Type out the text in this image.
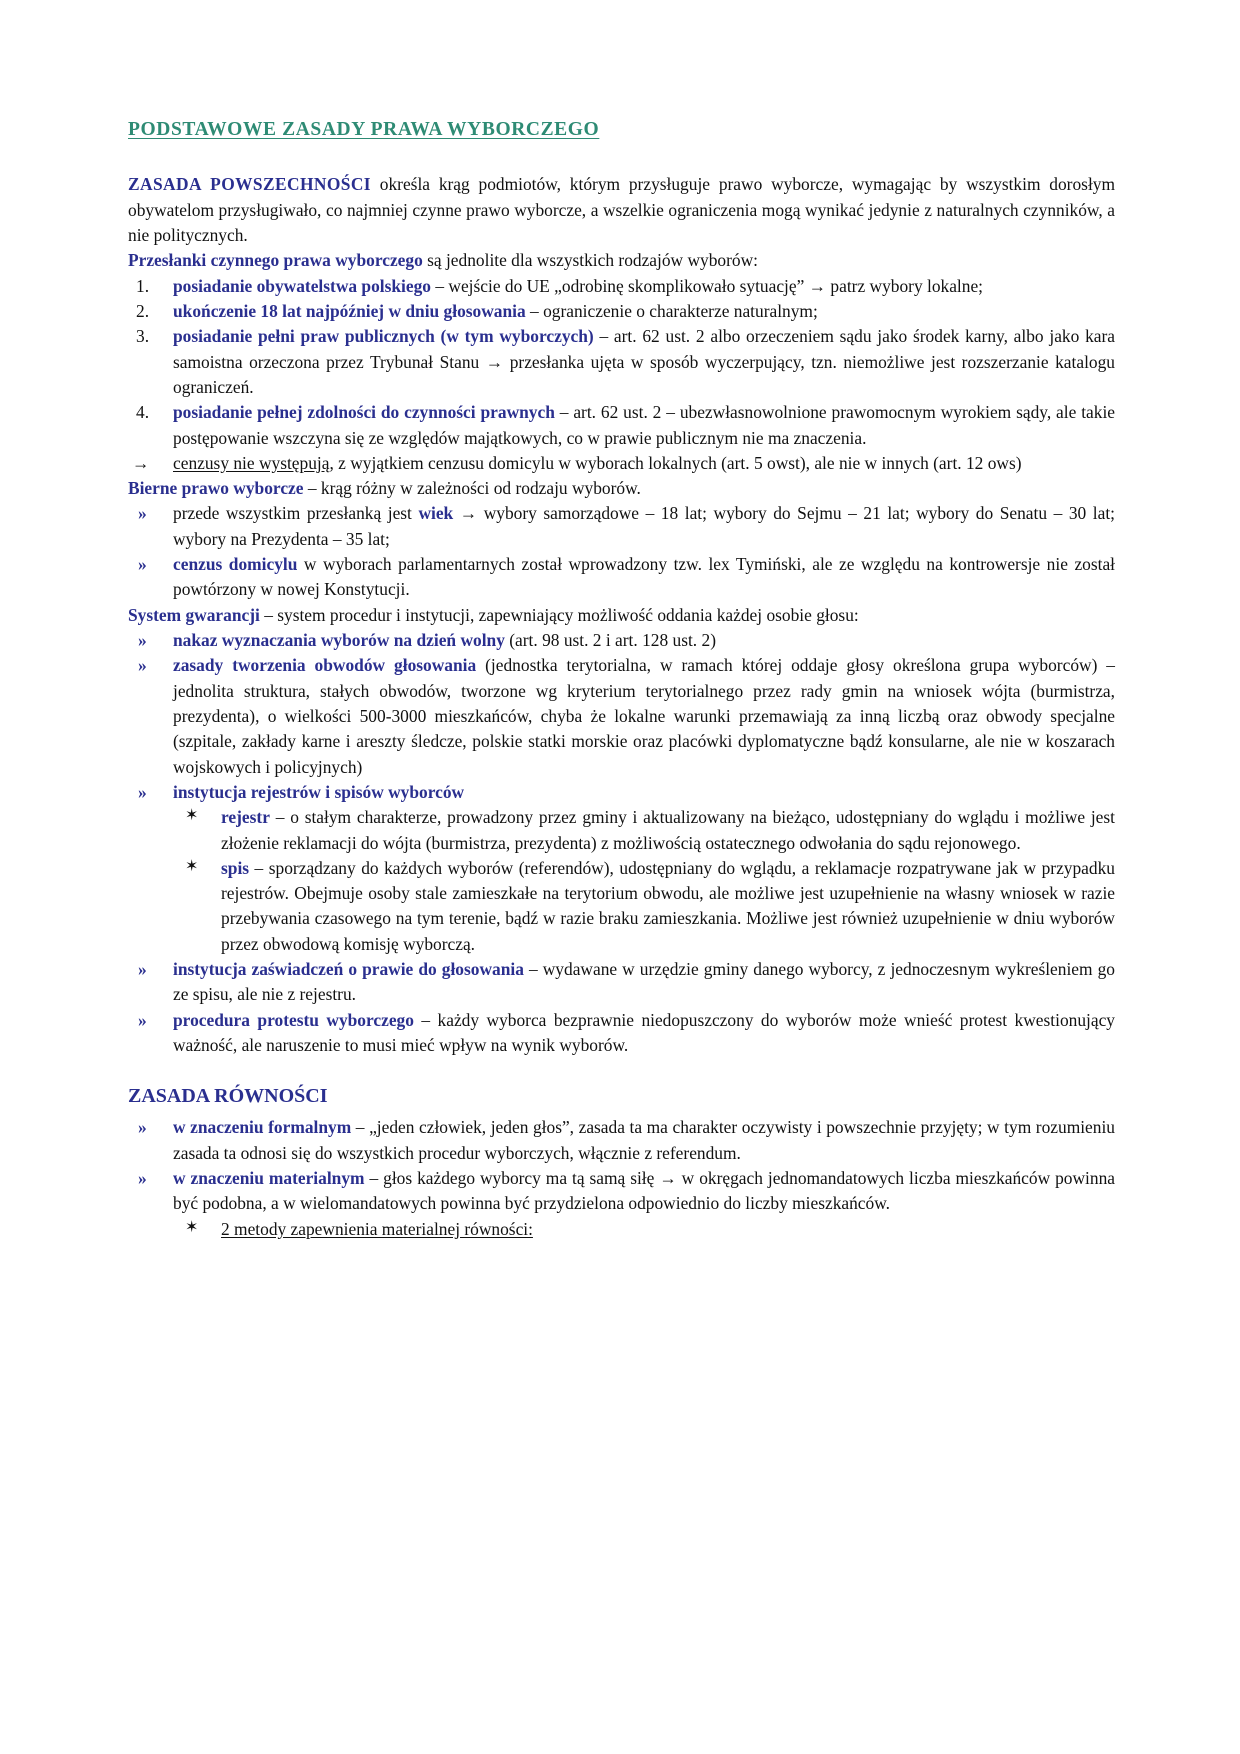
PODSTAWOWE ZASADY PRAWA WYBORCZEGO

ZASADA POWSZECHNOŚCI określa krąg podmiotów, którym przysługuje prawo wyborcze, wymagając by wszystkim dorosłym obywatelom przysługiwało, co najmniej czynne prawo wyborcze, a wszelkie ograniczenia mogą wynikać jedynie z naturalnych czynników, a nie politycznych.

Przesłanki czynnego prawa wyborczego są jednolite dla wszystkich rodzajów wyborów:

1.	posiadanie obywatelstwa polskiego – wejście do UE „odrobinę skomplikowało sytuację” → patrz wybory lokalne;
2.	ukończenie 18 lat najpóźniej w dniu głosowania – ograniczenie o charakterze naturalnym;
3.	posiadanie pełni praw publicznych (w tym wyborczych) – art. 62 ust. 2 albo orzeczeniem sądu jako środek karny, albo jako kara samoistna orzeczona przez Trybunał Stanu → przesłanka ujęta w sposób wyczerpujący, tzn. niemożliwe jest rozszerzanie katalogu ograniczeń.
4.	posiadanie pełnej zdolności do czynności prawnych – art. 62 ust. 2 – ubezwłasnowolnione prawomocnym wyrokiem sądy, ale takie postępowanie wszczyna się ze względów majątkowych, co w prawie publicznym nie ma znaczenia.
→ cenzusy nie występują, z wyjątkiem cenzusu domicylu w wyborach lokalnych (art. 5 owst), ale nie w innych (art. 12 ows)

Bierne prawo wyborcze – krąg różny w zależności od rodzaju wyborów.

» przede wszystkim przesłanką jest wiek → wybory samorządowe – 18 lat; wybory do Sejmu – 21 lat; wybory do Senatu – 30 lat; wybory na Prezydenta – 35 lat;
» cenzus domicylu w wyborach parlamentarnych został wprowadzony tzw. lex Tymiński, ale ze względu na kontrowersje nie został powtórzony w nowej Konstytucji.

System gwarancji – system procedur i instytucji, zapewniający możliwość oddania każdej osobie głosu:

» nakaz wyznaczania wyborów na dzień wolny (art. 98 ust. 2 i art. 128 ust. 2)
» zasady tworzenia obwodów głosowania (jednostka terytorialna, w ramach której oddaje głosy określona grupa wyborców) – jednolita struktura, stałych obwodów, tworzone wg kryterium terytorialnego przez rady gmin na wniosek wójta (burmistrza, prezydenta), o wielkości 500-3000 mieszkańców, chyba że lokalne warunki przemawiają za inną liczbą oraz obwody specjalne (szpitale, zakłady karne i areszty śledcze, polskie statki morskie oraz placówki dyplomatyczne bądź konsularne, ale nie w koszarach wojskowych i policyjnych)
» instytucja rejestrów i spisów wyborców
✶ rejestr – o stałym charakterze, prowadzony przez gminy i aktualizowany na bieżąco, udostępniany do wglądu i możliwe jest złożenie reklamacji do wójta (burmistrza, prezydenta) z możliwością ostatecznego odwołania do sądu rejonowego.
✶ spis – sporządzany do każdych wyborów (referendów), udostępniany do wglądu, a reklamacje rozpatrywane jak w przypadku rejestrów. Obejmuje osoby stale zamieszkałe na terytorium obwodu, ale możliwe jest uzupełnienie na własny wniosek w razie przebywania czasowego na tym terenie, bądź w razie braku zamieszkania. Możliwe jest również uzupełnienie w dniu wyborów przez obwodową komisję wyborczą.
» instytucja zaświadczeń o prawie do głosowania – wydawane w urzędzie gminy danego wyborcy, z jednoczesnym wykreśleniem go ze spisu, ale nie z rejestru.
» procedura protestu wyborczego – każdy wyborca bezprawnie niedopuszczony do wyborów może wnieść protest kwestionujący ważność, ale naruszenie to musi mieć wpływ na wynik wyborów.
ZASADA RÓWNOŚCI
» w znaczeniu formalnym – „jeden człowiek, jeden głos”, zasada ta ma charakter oczywisty i powszechnie przyjęty; w tym rozumieniu zasada ta odnosi się do wszystkich procedur wyborczych, włącznie z referendum.
» w znaczeniu materialnym – głos każdego wyborcy ma tą samą siłę → w okręgach jednomandatowych liczba mieszkańców powinna być podobna, a w wielomandatowych powinna być przydzielona odpowiednio do liczby mieszkańców.
✶ 2 metody zapewnienia materialnej równości:
